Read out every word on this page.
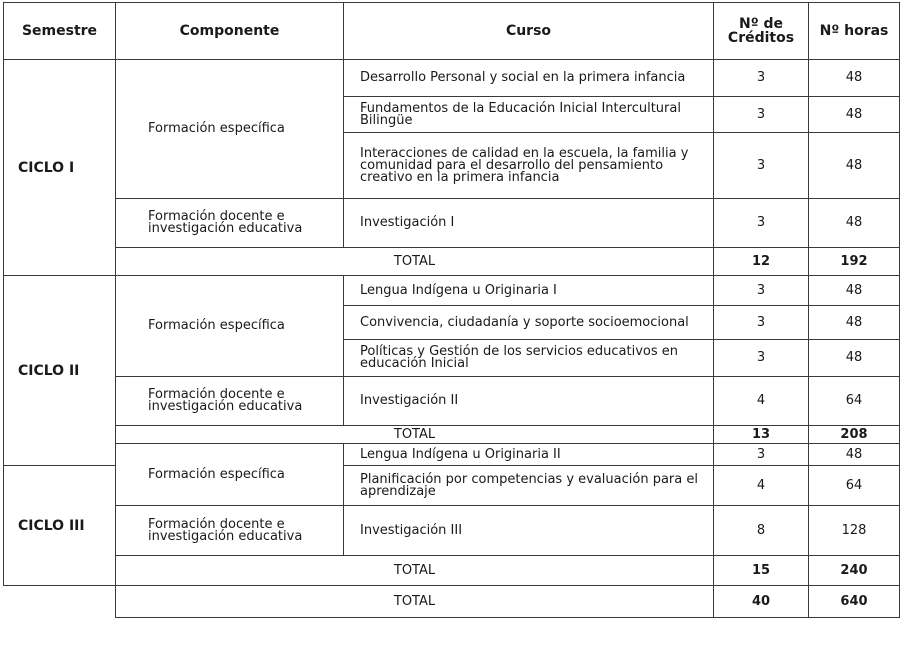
Semestre	Componente	Curso	Nº de Créditos	Nº horas
CICLO I	Formación específica	Desarrollo Personal y social en la primera infancia	3	48
		Fundamentos de la Educación Inicial Intercultural Bilingüe	3	48
		Interacciones de calidad en la escuela, la familia y comunidad para el desarrollo del pensamiento creativo en la primera infancia	3	48
	Formación docente e investigación educativa	Investigación I	3	48
	TOTAL		12	192
CICLO II	Formación específica	Lengua Indígena u Originaria I	3	48
		Convivencia, ciudadanía y soporte socioemocional	3	48
		Políticas y Gestión de los servicios educativos en educación Inicial	3	48
	Formación docente e investigación educativa	Investigación II	4	64
	TOTAL		13	208
	Formación específica	Lengua Indígena u Originaria II	3	48
CICLO III		Planificación por competencias y evaluación para el aprendizaje	4	64
	Formación docente e investigación educativa	Investigación III	8	128
	TOTAL		15	240
	TOTAL		40	640
